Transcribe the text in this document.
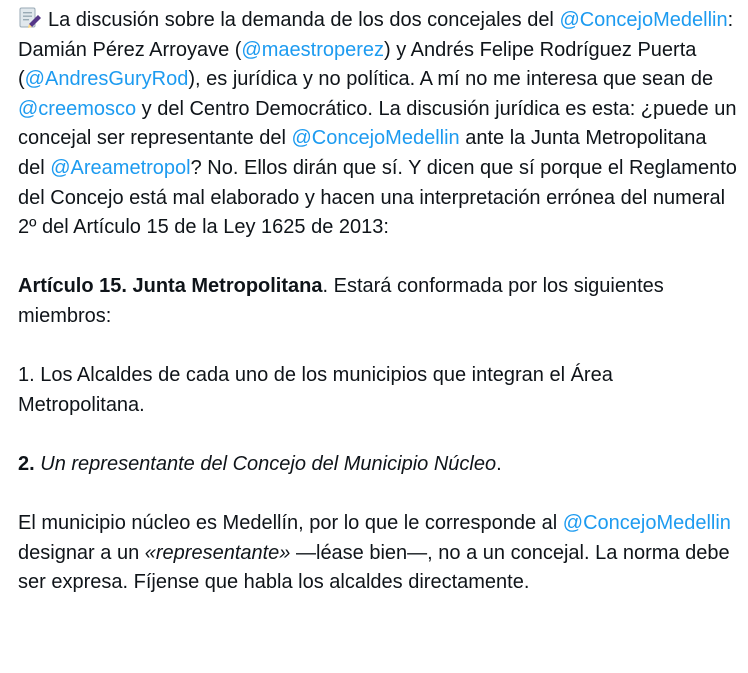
La discusión sobre la demanda de los dos concejales del @ConcejoMedellin: Damián Pérez Arroyave (@maestroperez) y Andrés Felipe Rodríguez Puerta (@AndresGuryRod), es jurídica y no política. A mí no me interesa que sean de @creemosco y del Centro Democrático. La discusión jurídica es esta: ¿puede un concejal ser representante del @ConcejoMedellin ante la Junta Metropolitana del @Areametropol? No. Ellos dirán que sí. Y dicen que sí porque el Reglamento del Concejo está mal elaborado y hacen una interpretación errónea del numeral 2º del Artículo 15 de la Ley 1625 de 2013:

Artículo 15. Junta Metropolitana. Estará conformada por los siguientes miembros:

1. Los Alcaldes de cada uno de los municipios que integran el Área Metropolitana.

2. Un representante del Concejo del Municipio Núcleo.

El municipio núcleo es Medellín, por lo que le corresponde al @ConcejoMedellin designar a un «representante» —léase bien—, no a un concejal. La norma debe ser expresa. Fíjense que habla los alcaldes directamente.
